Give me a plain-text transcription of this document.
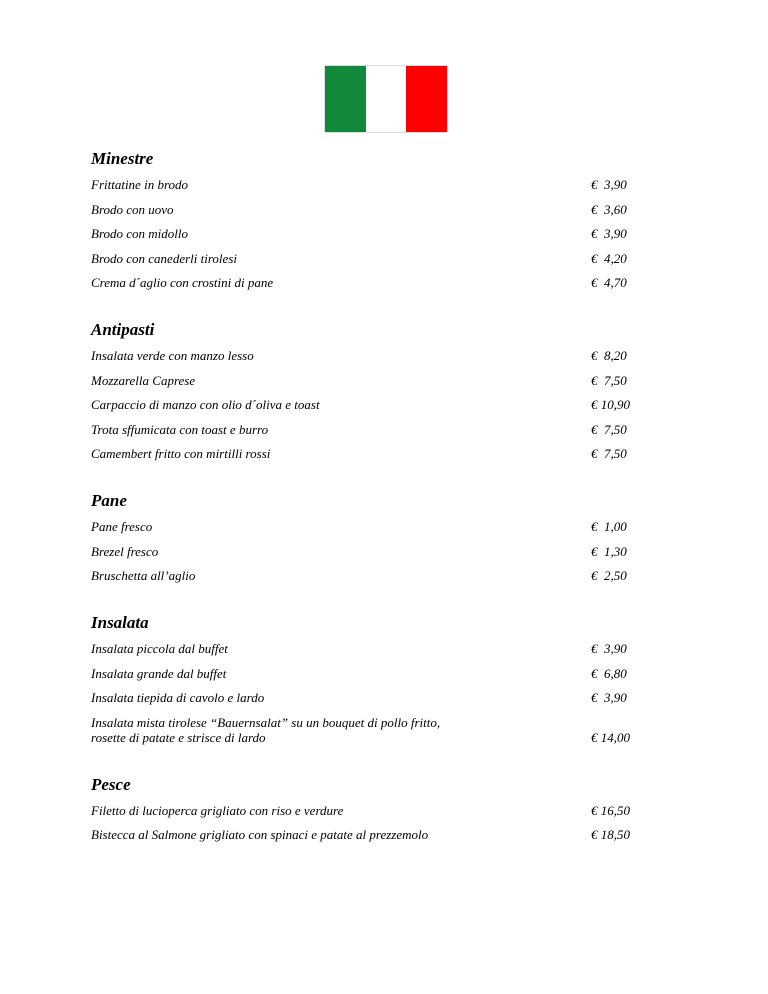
Minestre
Frittatine in brodo	€  3,90
Brodo con uovo	€  3,60
Brodo con midollo	€  3,90
Brodo con canederli tirolesi	€  4,20
Crema d´aglio con crostini di pane	€  4,70
Antipasti
Insalata verde con manzo lesso	€  8,20
Mozzarella Caprese	€  7,50
Carpaccio di manzo con olio d´oliva e toast	€ 10,90
Trota sffumicata con toast e burro	€  7,50
Camembert fritto con mirtilli rossi	€  7,50
Pane
Pane fresco	€  1,00
Brezel fresco	€  1,30
Bruschetta all’aglio	€  2,50
Insalata
Insalata piccola dal buffet	€  3,90
Insalata grande dal buffet	€  6,80
Insalata tiepida di cavolo e lardo	€  3,90
Insalata mista tirolese “Bauernsalat” su un bouquet di pollo fritto,
rosette di patate e strisce di lardo	€ 14,00
Pesce
Filetto di lucioperca grigliato con riso e verdure	€ 16,50
Bistecca al Salmone grigliato con spinaci e patate al prezzemolo	€ 18,50
